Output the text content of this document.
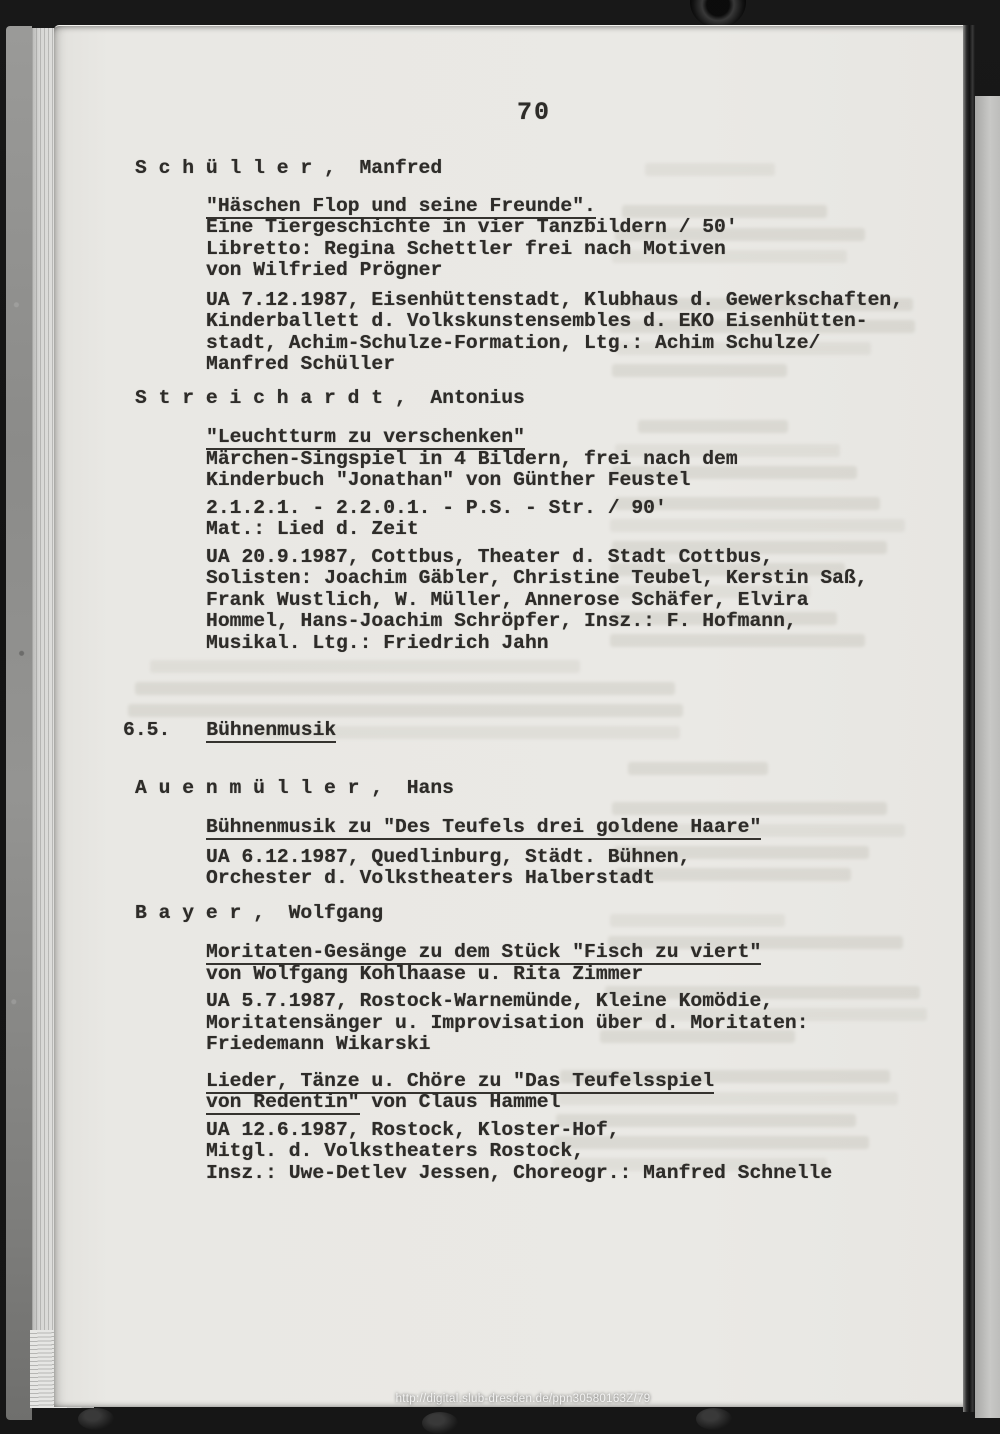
70
S c h ü l l e r ,  Manfred
"Häschen Flop und seine Freunde".
Eine Tiergeschichte in vier Tanzbildern / 50'
Libretto: Regina Schettler frei nach Motiven
von Wilfried Prögner
UA 7.12.1987, Eisenhüttenstadt, Klubhaus d. Gewerkschaften,
Kinderballett d. Volkskunstensembles d. EKO Eisenhütten-
stadt, Achim-Schulze-Formation, Ltg.: Achim Schulze/
Manfred Schüller
S t r e i c h a r d t ,  Antonius
"Leuchtturm zu verschenken"
Märchen-Singspiel in 4 Bildern, frei nach dem
Kinderbuch "Jonathan" von Günther Feustel
2.1.2.1. - 2.2.0.1. - P.S. - Str. / 90'
Mat.: Lied d. Zeit
UA 20.9.1987, Cottbus, Theater d. Stadt Cottbus,
Solisten: Joachim Gäbler, Christine Teubel, Kerstin Saß,
Frank Wustlich, W. Müller, Annerose Schäfer, Elvira
Hommel, Hans-Joachim Schröpfer, Insz.: F. Hofmann,
Musikal. Ltg.: Friedrich Jahn
6.5. Bühnenmusik
A u e n m ü l l e r ,  Hans
Bühnenmusik zu "Des Teufels drei goldene Haare"
UA 6.12.1987, Quedlinburg, Städt. Bühnen,
Orchester d. Volkstheaters Halberstadt
B a y e r ,  Wolfgang
Moritaten-Gesänge zu dem Stück "Fisch zu viert"
von Wolfgang Kohlhaase u. Rita Zimmer
UA 5.7.1987, Rostock-Warnemünde, Kleine Komödie,
Moritatensänger u. Improvisation über d. Moritaten:
Friedemann Wikarski
Lieder, Tänze u. Chöre zu "Das Teufelsspiel
von Redentin" von Claus Hammel
UA 12.6.1987, Rostock, Kloster-Hof,
Mitgl. d. Volkstheaters Rostock,
Insz.: Uwe-Detlev Jessen, Choreogr.: Manfred Schnelle
http://digital.slub-dresden.de/ppn30580163Z/79
